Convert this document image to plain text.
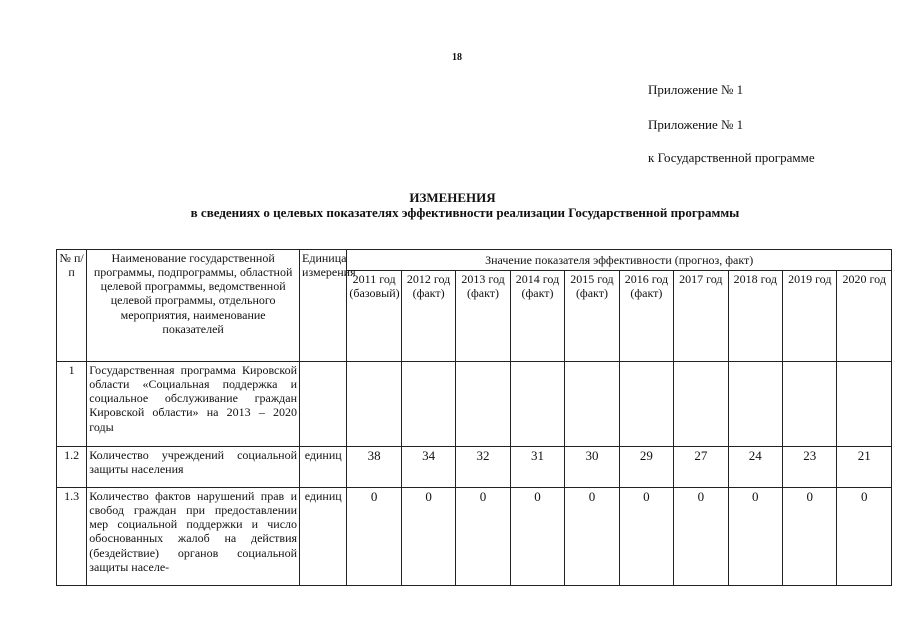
18
Приложение № 1
Приложение № 1
к Государственной программе
ИЗМЕНЕНИЯ
в сведениях о целевых показателях эффективности реализации Государственной программы
№ п/п	Наименование государственной программы, подпрограммы, областной целевой программы, ведомственной целевой программы, отдельного мероприятия, наименование показателей	Единица измерения	Значение показателя эффективности (прогноз, факт)									
			2011 год (базовый)	2012 год (факт)	2013 год (факт)	2014 год (факт)	2015 год (факт)	2016 год (факт)	2017 год	2018 год	2019 год	2020 год
1	Государственная программа Кировской области «Социальная поддержка и социальное обслуживание граждан Кировской области» на 2013 – 2020 годы											
1.2	Количество учреждений социальной защиты населения	единиц	38	34	32	31	30	29	27	24	23	21
1.3	Количество фактов нарушений прав и свобод граждан при предоставлении мер социальной поддержки и число обоснованных жалоб на действия (бездействие) органов социальной защиты населе-	единиц	0	0	0	0	0	0	0	0	0	0
